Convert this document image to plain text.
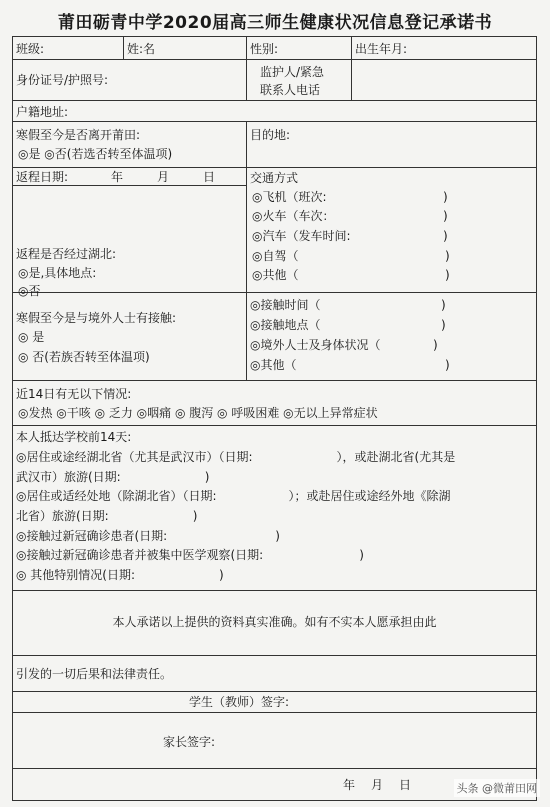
莆田砺青中学2020届高三师生健康状况信息登记承诺书
班级:	姓:名	性别:	出生年月:
身份证号/护照号:
监护人/紧急
联系人电话
户籍地址:
寒假至今是否离开莆田:
◎是 ◎否(若选否转至体温项)
目的地:
返程日期:	年	月	日
返程是否经过湖北:
◎是,具体地点:
◎否
交通方式
◎飞机（班次:	)
◎火车（车次：	)
◎汽车（发车时间:	)
◎自驾（	)
◎共他（	)
寒假至今是与境外人士有接触:
◎ 是
◎ 否(若族否转至体温项)
◎接触时间（	)
◎接触地点（	)
◎境外人士及身体状况（	)
◎其他（	)
近14日有无以下情况:
◎发热 ◎干咳 ◎ 乏力 ◎咽痛 ◎ 腹泻 ◎ 呼吸困难 ◎无以上异常症状
本人抵达学校前14天:
◎居住或途经湖北省（尤其是武汉市）（日期:　　　　　　　），或赴湖北省(尤其是
武汉市）旅游(日期:　　　　　　　)
◎居住或适经处地（除湖北省）（日期:　　　　　　）；或赴居住或途经外地《除湖
北省）旅游(日期:　　　　　　　)
◎接触过新冠确诊患者(日期:　　　　　　　　　)
◎接触过新冠确诊患者并被集中医学观察(日期:　　　　　　　　)
◎ 其他特别情况(日期:　　　　　　　)
本人承诺以上提供的资料真实准确。如有不实本人愿承担由此
引发的一切后果和法律责任。
学生（教师）签字:
家长签字:
年 月 日	头条 @微莆田网
